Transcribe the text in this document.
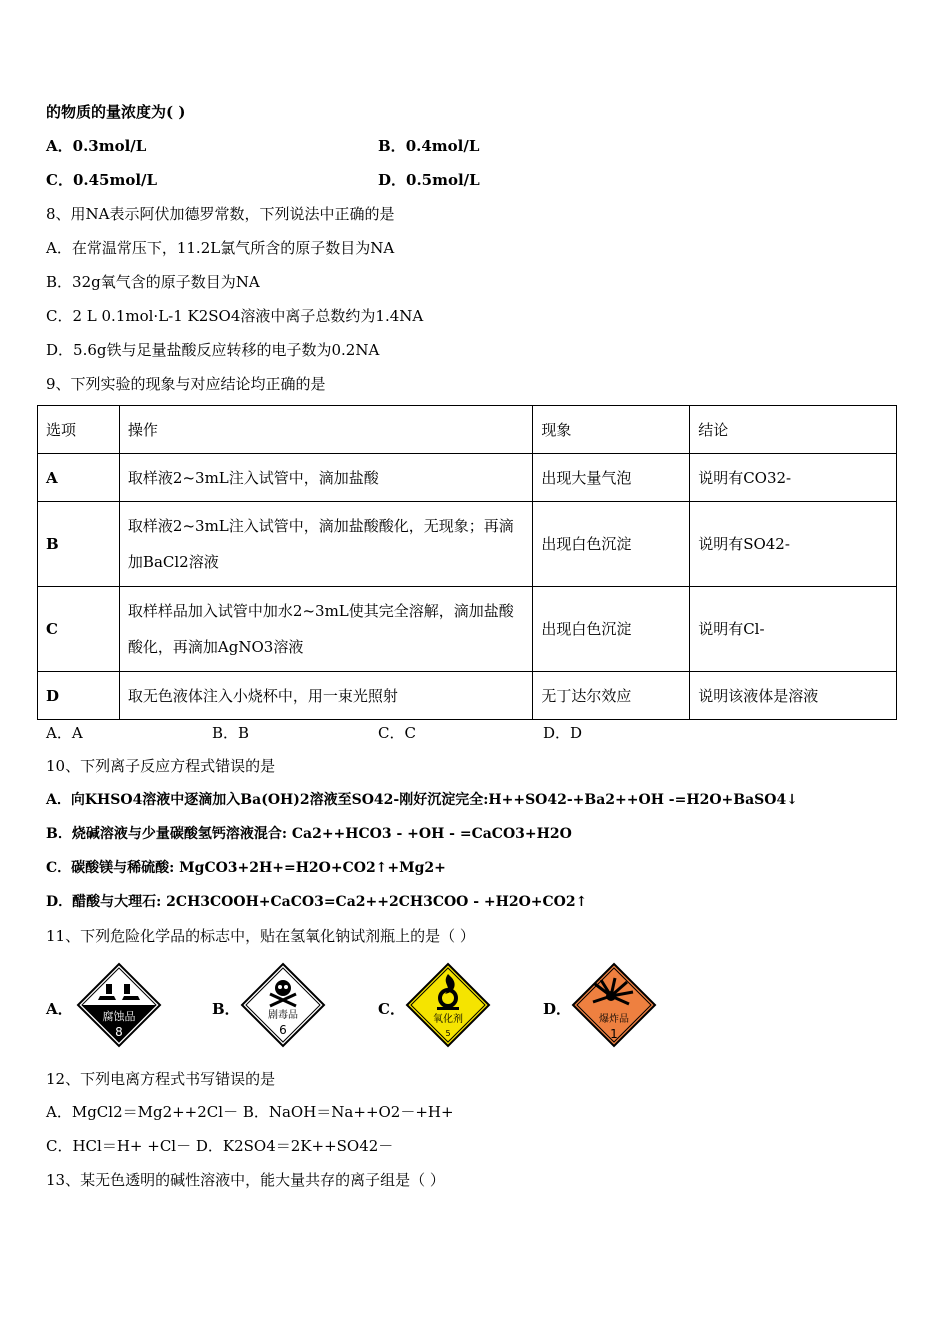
的物质的量浓度为( )
A．0.3mol/L	B．0.4mol/L
C．0.45mol/L	D．0.5mol/L
8、用NA表示阿伏加德罗常数，下列说法中正确的是
A．在常温常压下，11.2L氯气所含的原子数目为NA
B．32g氧气含的原子数目为NA
C．2 L 0.1mol·L-1 K2SO4溶液中离子总数约为1.4NA
D．5.6g铁与足量盐酸反应转移的电子数为0.2NA
9、下列实验的现象与对应结论均正确的是
选项	操作	现象	结论
A	取样液2~3mL注入试管中，滴加盐酸	出现大量气泡	说明有CO32-
B	取样液2~3mL注入试管中，滴加盐酸酸化，无现象；再滴加BaCl2溶液	出现白色沉淀	说明有SO42-
C	取样样品加入试管中加水2~3mL使其完全溶解，滴加盐酸酸化，再滴加AgNO3溶液	出现白色沉淀	说明有Cl-
D	取无色液体注入小烧杯中，用一束光照射	无丁达尔效应	说明该液体是溶液
A．A	B．B	C．C	D．D
10、下列离子反应方程式错误的是
A．向KHSO4溶液中逐滴加入Ba(OH)2溶液至SO42-刚好沉淀完全:H++SO42-+Ba2++OH -=H2O+BaSO4↓
B．烧碱溶液与少量碳酸氢钙溶液混合: Ca2++HCO3 - +OH - =CaCO3+H2O
C．碳酸镁与稀硫酸: MgCO3+2H+=H2O+CO2↑+Mg2+
D．醋酸与大理石: 2CH3COOH+CaCO3=Ca2++2CH3COO - +H2O+CO2↑
11、下列危险化学品的标志中，贴在氢氧化钠试剂瓶上的是（ ）
A．	腐蚀品
8
B．	剧毒品
6
C．
氧化剂
5
D．
爆炸品
1
12、下列电离方程式书写错误的是
A．MgCl2＝Mg2++2Cl－ B．NaOH＝Na++O2－+H+
C．HCl＝H+ +Cl－ D．K2SO4＝2K++SO42－
13、某无色透明的碱性溶液中，能大量共存的离子组是（ ）
